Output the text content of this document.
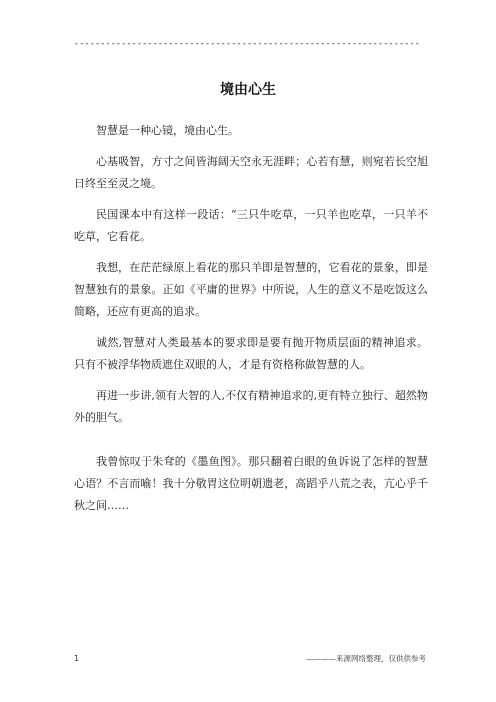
------------------------------------------------------------------
境由心生

智慧是一种心镜，境由心生。

心基吸智，方寸之间皆海阔天空永无涯畔；心若有慧，则宛若长空旭日终至至灵之境。

民国课本中有这样一段话：“三只牛吃草，一只羊也吃草，一只羊不吃草，它看花。

我想，在茫茫绿原上看花的那只羊即是智慧的，它看花的景象，即是智慧独有的景象。正如《平庸的世界》中所说，人生的意义不是吃饭这么简略，还应有更高的追求。

诚然,智慧对人类最基本的要求即是要有抛开物质层面的精神追求。只有不被浮华物质遮住双眼的人，才是有资格称做智慧的人。

再进一步讲,领有大智的人,不仅有精神追求的,更有特立独行、超然物外的胆气。

我曾惊叹于朱耷的《墨鱼图》。那只翻着白眼的鱼诉说了怎样的智慧心语？不言而喻！我十分敬胃这位明朝遗老，高蹈乎八荒之表，亢心乎千秋之间……

1	————来源网络整理，仅供供参考
